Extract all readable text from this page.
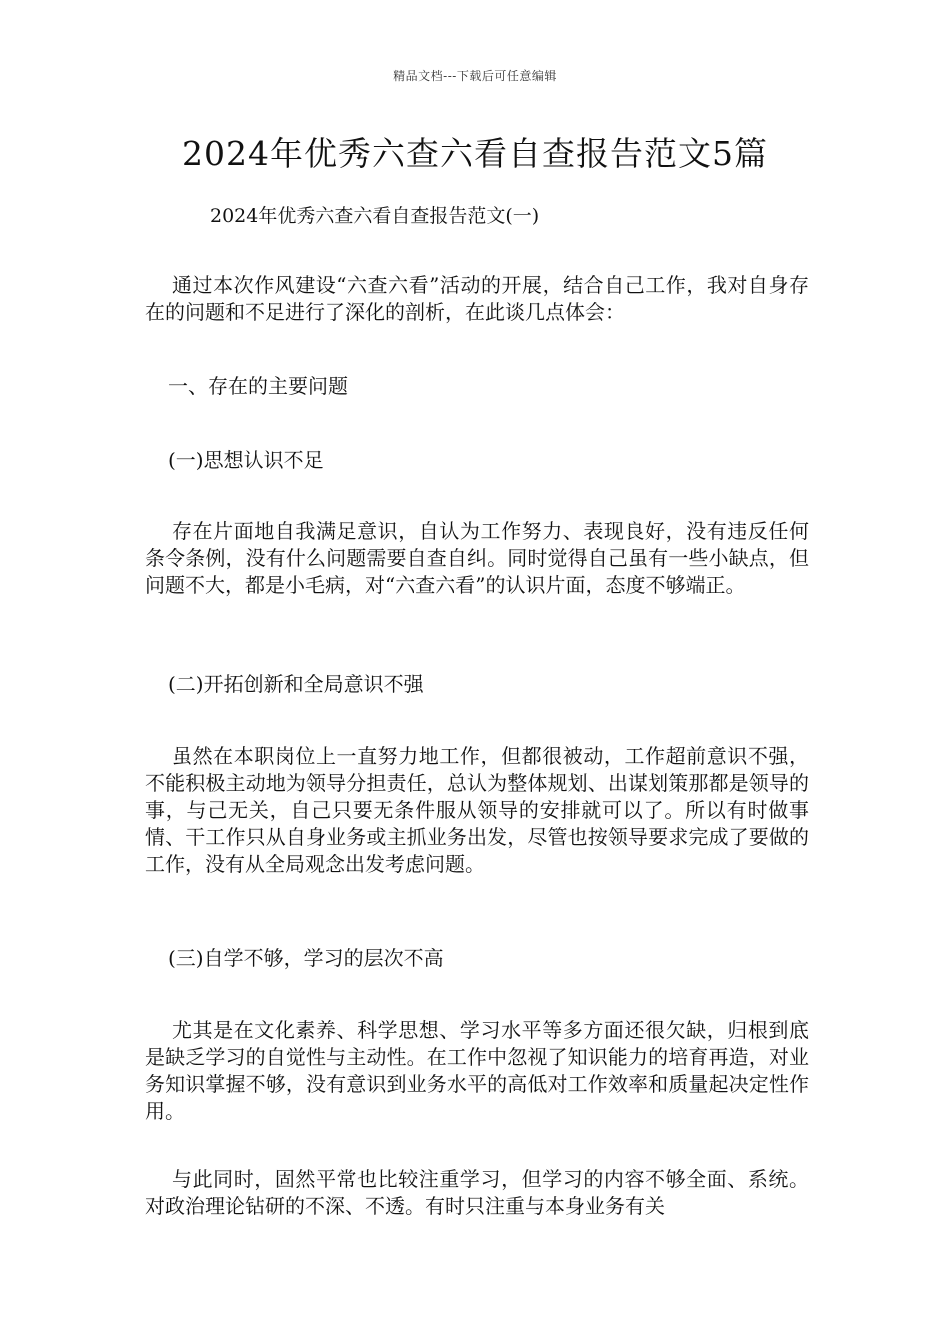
精品文档---下载后可任意编辑
2024年优秀六查六看自查报告范文5篇
2024年优秀六查六看自查报告范文(一)
通过本次作风建设“六查六看”活动的开展，结合自己工作，我对自身存在的问题和不足进行了深化的剖析，在此谈几点体会：
一、存在的主要问题
(一)思想认识不足
存在片面地自我满足意识，自认为工作努力、表现良好，没有违反任何条令条例，没有什么问题需要自查自纠。同时觉得自己虽有一些小缺点，但问题不大，都是小毛病，对“六查六看”的认识片面，态度不够端正。
(二)开拓创新和全局意识不强
虽然在本职岗位上一直努力地工作，但都很被动，工作超前意识不强，不能积极主动地为领导分担责任，总认为整体规划、出谋划策那都是领导的事，与己无关，自己只要无条件服从领导的安排就可以了。所以有时做事情、干工作只从自身业务或主抓业务出发，尽管也按领导要求完成了要做的工作，没有从全局观念出发考虑问题。
(三)自学不够，学习的层次不高
尤其是在文化素养、科学思想、学习水平等多方面还很欠缺，归根到底是缺乏学习的自觉性与主动性。在工作中忽视了知识能力的培育再造，对业务知识掌握不够，没有意识到业务水平的高低对工作效率和质量起决定性作用。
与此同时，固然平常也比较注重学习，但学习的内容不够全面、系统。对政治理论钻研的不深、不透。有时只注重与本身业务有关
